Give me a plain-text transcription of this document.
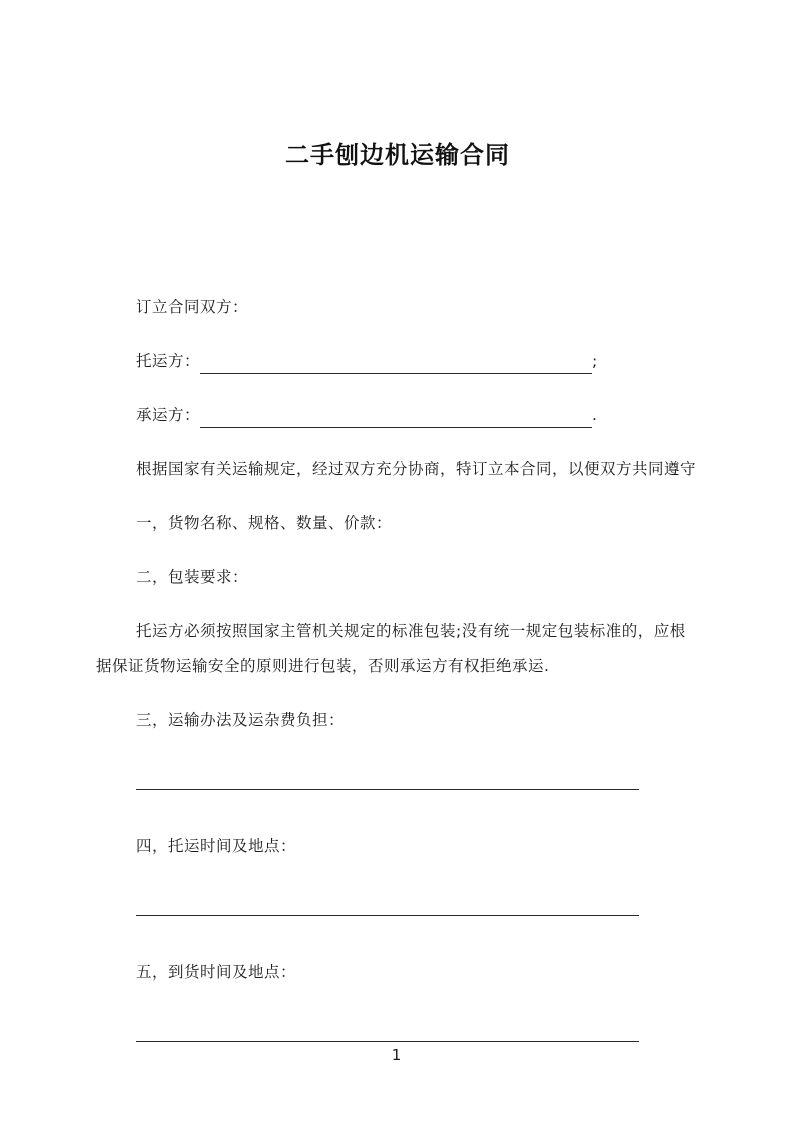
二手刨边机运输合同

订立合同双方：

托运方：	;
承运方：	.

根据国家有关运输规定，经过双方充分协商，特订立本合同，以便双方共同遵守

一，货物名称、规格、数量、价款：

二，包装要求：

托运方必须按照国家主管机关规定的标准包装;没有统一规定包装标准的，应根据保证货物运输安全的原则进行包装，否则承运方有权拒绝承运.

三，运输办法及运杂费负担：

四，托运时间及地点：

五，到货时间及地点：

1
